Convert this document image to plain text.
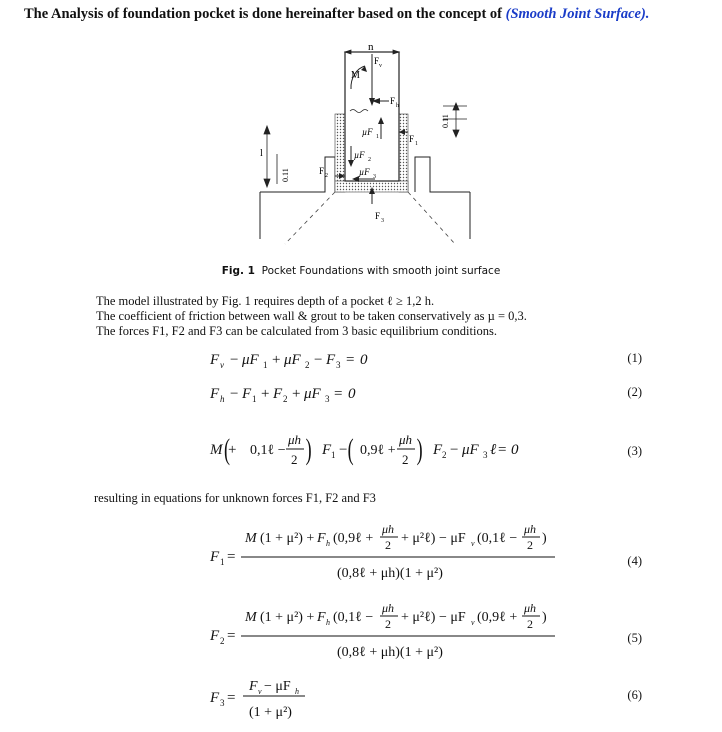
The Analysis of foundation pocket is done hereinafter based on the concept of (Smooth Joint Surface).
n
M
F v
F h
µF 1	F 1
µF 2
F 2	µF 3
F 3
l
0.11
0.11
Fig. 1 Pocket Foundations with smooth joint surface
The model illustrated by Fig. 1 requires depth of a pocket ℓ ≥ 1,2 h.
The coefficient of friction between wall & grout to be taken conservatively as µ = 0,3.
The forces F1, F2 and F3 can be calculated from 3 basic equilibrium conditions.
F v − μF 1 + μF 2 − F 3 = 0	(1)
F h − F 1 + F 2 + μF 3 = 0	(2)
M +
( 0,1ℓ −
μh
2 ) F 1 − ( 0,9ℓ +
μh
2 ) F 2 − μF 3 ℓ = 0	(3)
resulting in equations for unknown forces F1, F2 and F3
F 1 =
M (1 + μ²) + F h (0,9ℓ +
μh
2 + μ²ℓ) − μF v (0,1ℓ −
μh
2 )
(0,8ℓ + μh)(1 + μ²)
(4)
F 2 =
M (1 + μ²) + F h (0,1ℓ −
μh
2 + μ²ℓ) − μF v (0,9ℓ +
μh
2 )
(0,8ℓ + μh)(1 + μ²)
(5)
F 3 =
F v − μF h
(1 + μ²)
(6)
